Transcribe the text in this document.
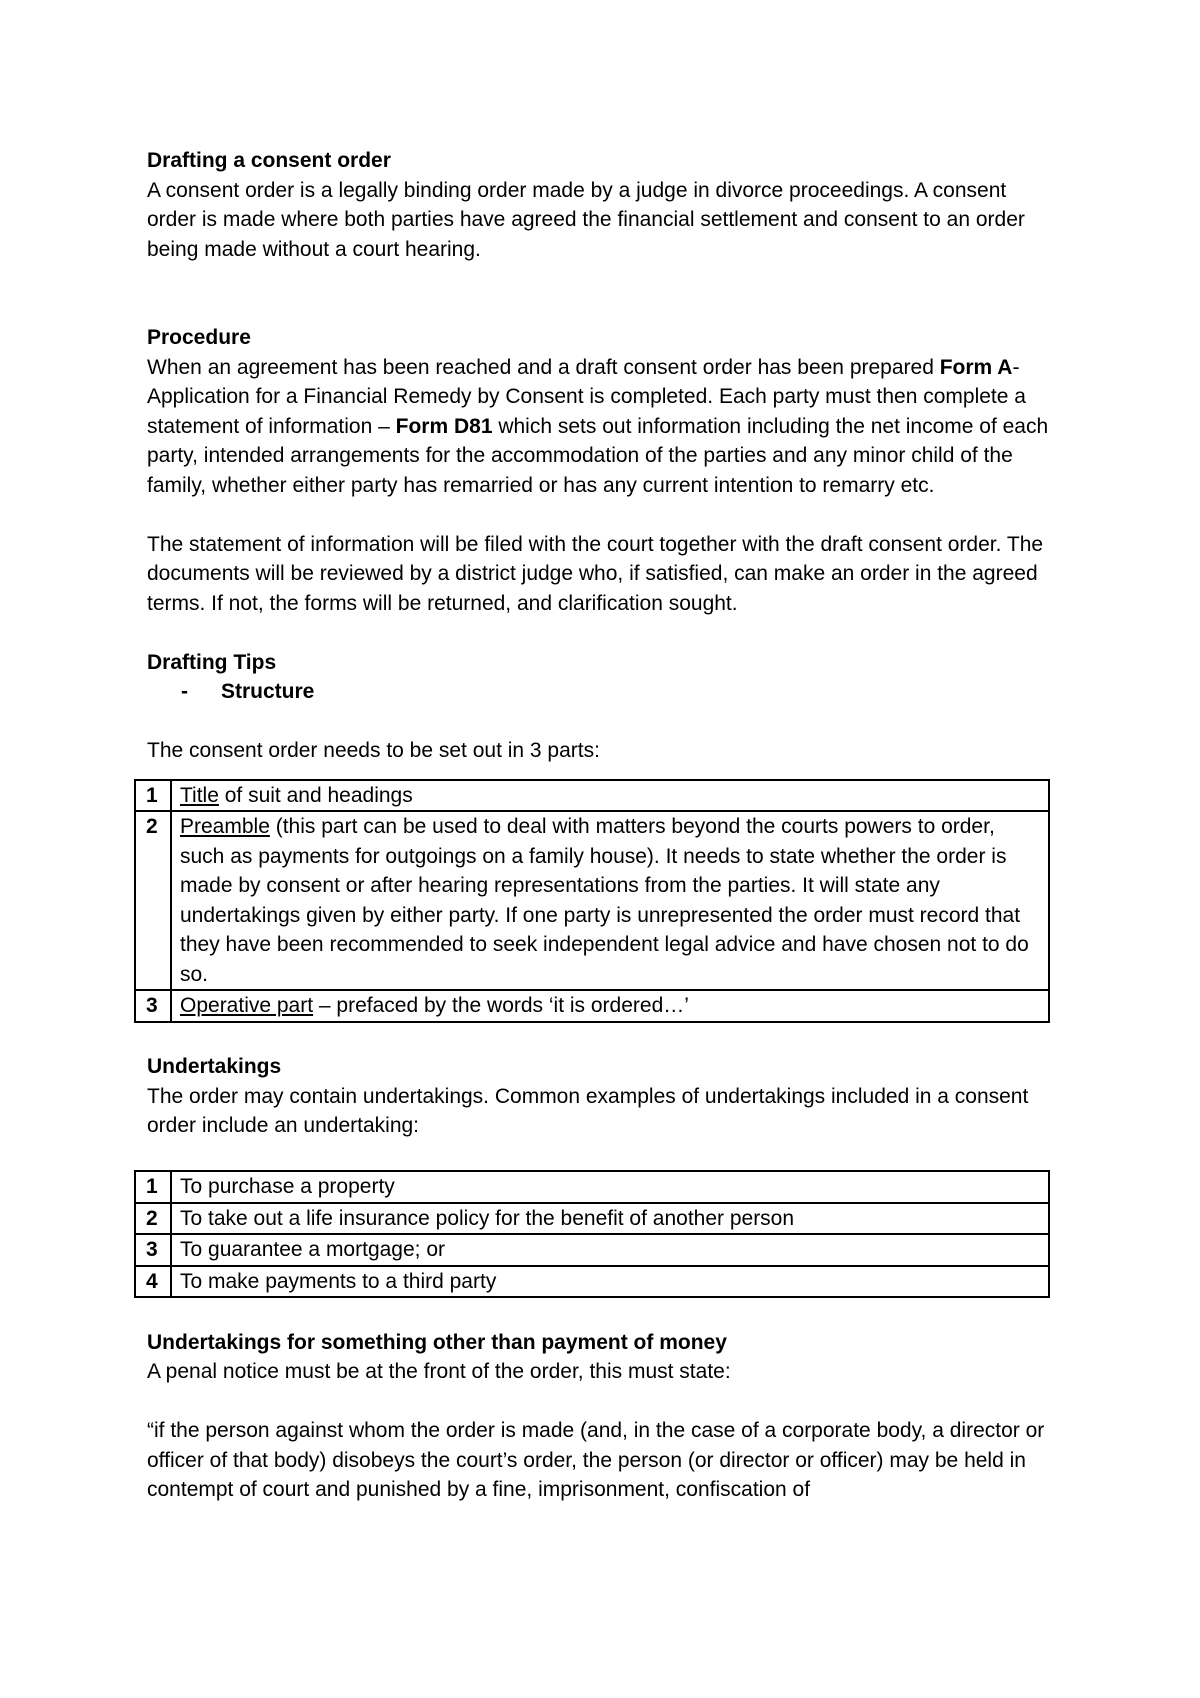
Drafting a consent order

A consent order is a legally binding order made by a judge in divorce proceedings. A consent order is made where both parties have agreed the financial settlement and consent to an order being made without a court hearing.

Procedure

When an agreement has been reached and a draft consent order has been prepared Form A- Application for a Financial Remedy by Consent is completed. Each party must then complete a statement of information – Form D81 which sets out information including the net income of each party, intended arrangements for the accommodation of the parties and any minor child of the family, whether either party has remarried or has any current intention to remarry etc.

The statement of information will be filed with the court together with the draft consent order. The documents will be reviewed by a district judge who, if satisfied, can make an order in the agreed terms. If not, the forms will be returned, and clarification sought.

Drafting Tips
-	Structure

The consent order needs to be set out in 3 parts:

1	Title of suit and headings
2	Preamble (this part can be used to deal with matters beyond the courts powers to order, such as payments for outgoings on a family house). It needs to state whether the order is made by consent or after hearing representations from the parties. It will state any undertakings given by either party. If one party is unrepresented the order must record that they have been recommended to seek independent legal advice and have chosen not to do so.
3	Operative part – prefaced by the words ‘it is ordered…’
Undertakings

The order may contain undertakings. Common examples of undertakings included in a consent order include an undertaking:

1	To purchase a property
2	To take out a life insurance policy for the benefit of another person
3	To guarantee a mortgage; or
4	To make payments to a third party
Undertakings for something other than payment of money

A penal notice must be at the front of the order, this must state:

“if the person against whom the order is made (and, in the case of a corporate body, a director or officer of that body) disobeys the court’s order, the person (or director or officer) may be held in contempt of court and punished by a fine, imprisonment, confiscation of
